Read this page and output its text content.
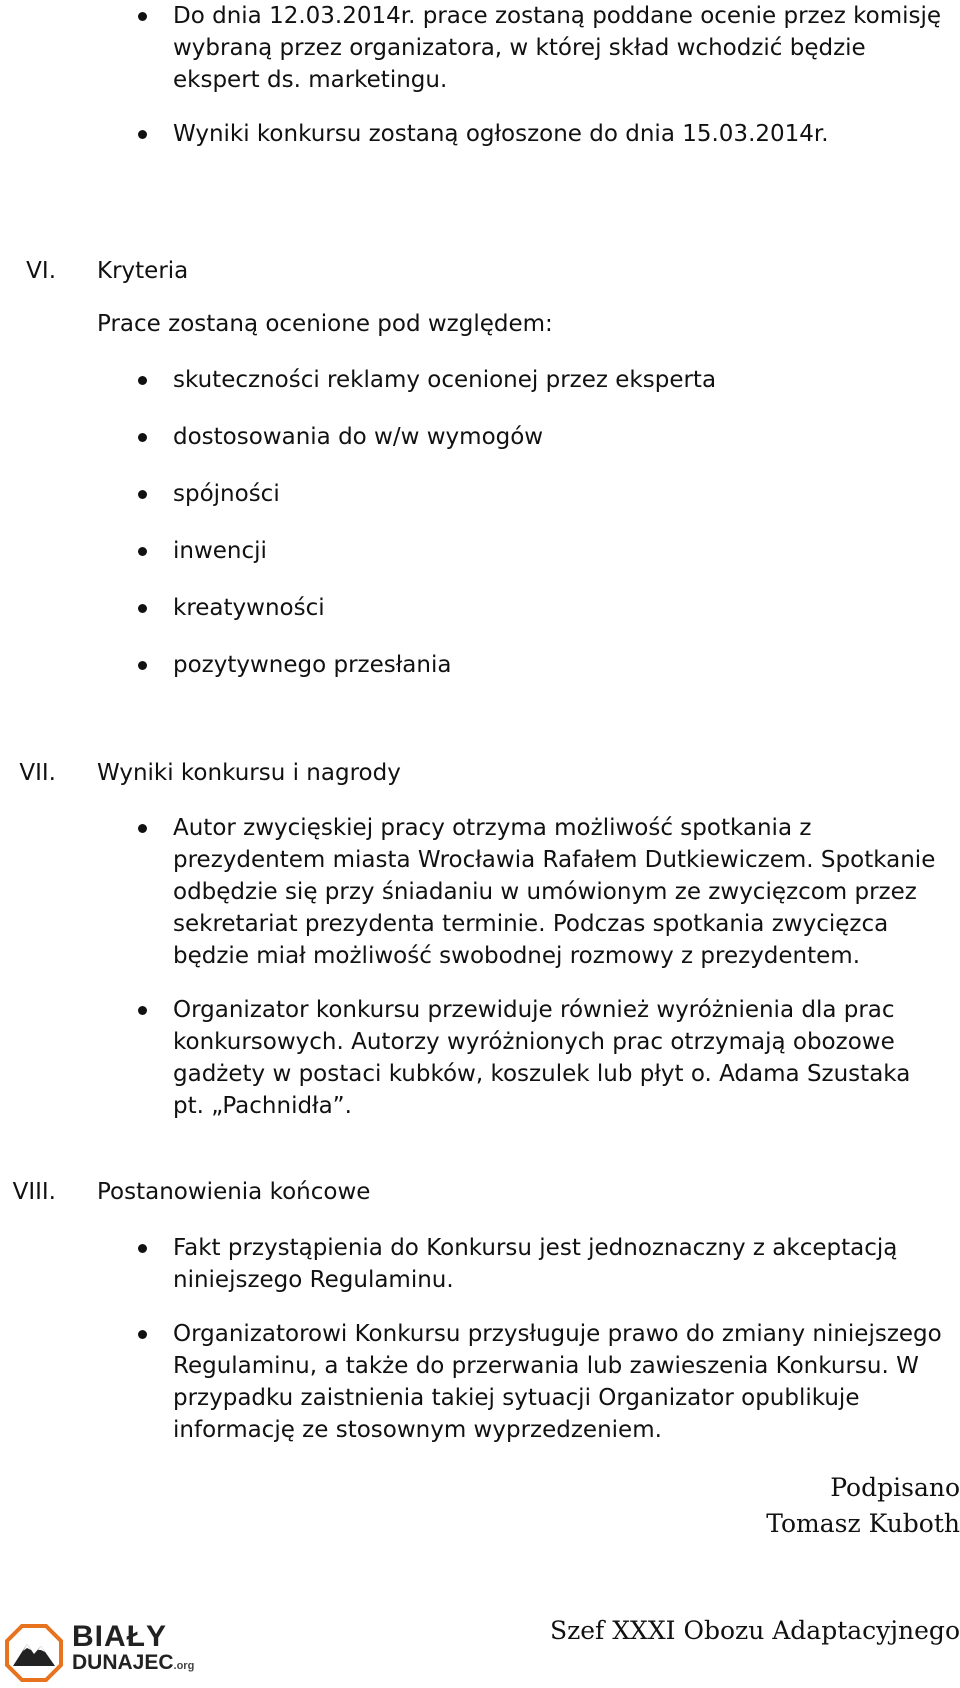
Do dnia 12.03.2014r. prace zostaną poddane ocenie przez komisję wybraną przez organizatora, w której skład wchodzić będzie ekspert ds. marketingu.
Wyniki konkursu zostaną ogłoszone do dnia 15.03.2014r.
VI. Kryteria
Prace zostaną ocenione pod względem:
skuteczności reklamy ocenionej przez eksperta
dostosowania do w/w wymogów
spójności
inwencji
kreatywności
pozytywnego przesłania
VII. Wyniki konkursu i nagrody
Autor zwycięskiej pracy otrzyma możliwość spotkania z prezydentem miasta Wrocławia Rafałem Dutkiewiczem. Spotkanie odbędzie się przy śniadaniu w umówionym ze zwycięzcom przez sekretariat prezydenta terminie. Podczas spotkania zwycięzca będzie miał możliwość swobodnej rozmowy z prezydentem.
Organizator konkursu przewiduje również wyróżnienia dla prac konkursowych. Autorzy wyróżnionych prac otrzymają obozowe gadżety w postaci kubków, koszulek lub płyt o. Adama Szustaka pt. „Pachnidła”.
VIII. Postanowienia końcowe
Fakt przystąpienia do Konkursu jest jednoznaczny z akceptacją niniejszego Regulaminu.
Organizatorowi Konkursu przysługuje prawo do zmiany niniejszego Regulaminu, a także do przerwania lub zawieszenia Konkursu. W przypadku zaistnienia takiej sytuacji Organizator opublikuje informację ze stosownym wyprzedzeniem.
Podpisano
Tomasz Kuboth
Szef XXXI Obozu Adaptacyjnego
BIAŁY
DUNAJEC.org
